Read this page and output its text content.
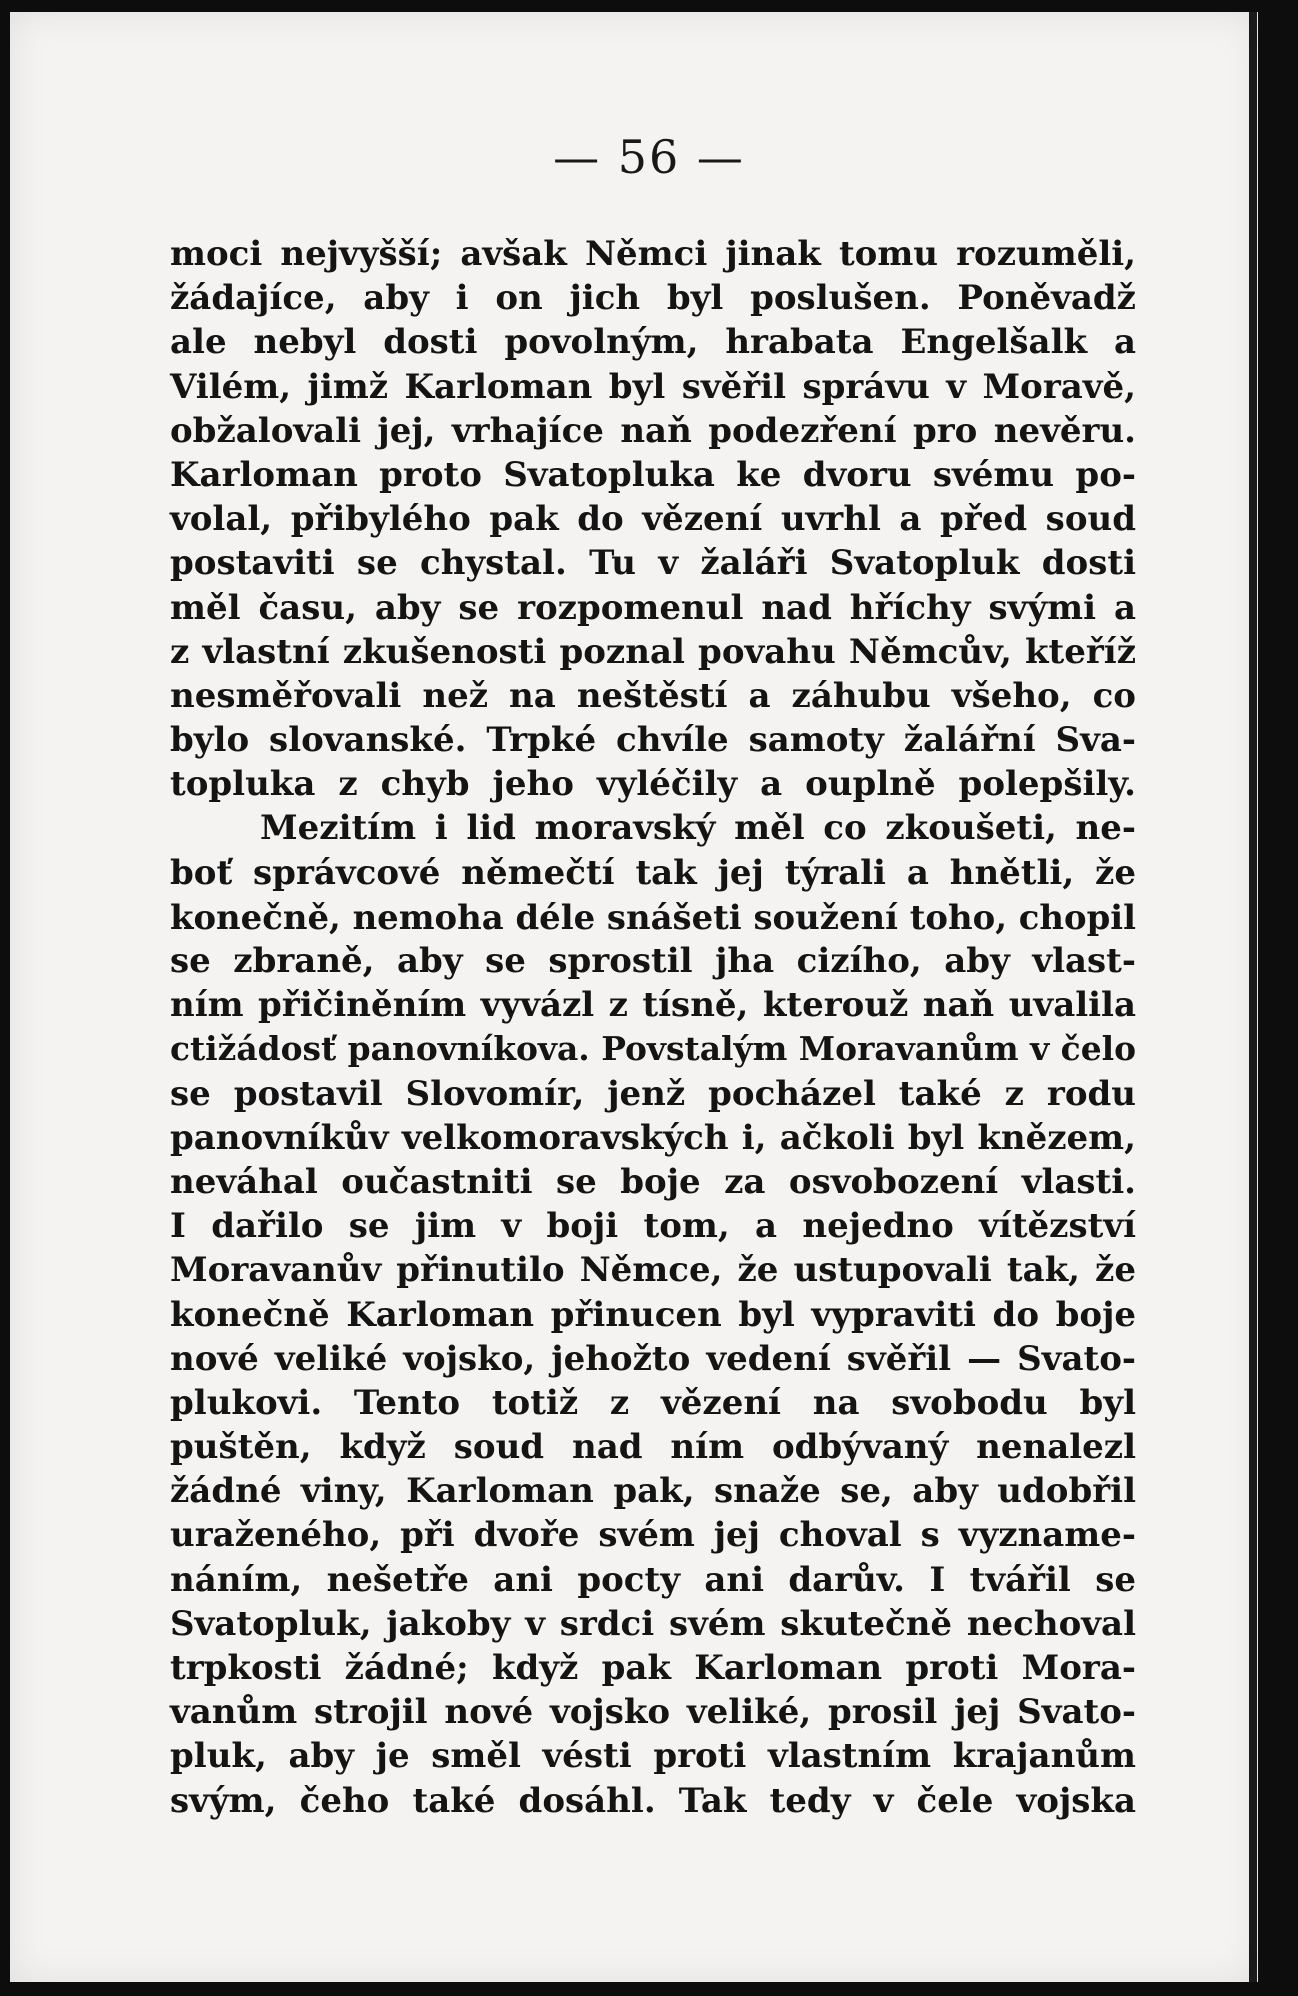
— 56 —
moci nejvyšší; avšak Němci jinak tomu rozuměli,
žádajíce, aby i on jich byl poslušen. Poněvadž
ale nebyl dosti povolným, hrabata Engelšalk a
Vilém, jimž Karloman byl svěřil správu v Moravě,
obžalovali jej, vrhajíce naň podezření pro nevěru.
Karloman proto Svatopluka ke dvoru svému po-
volal, přibylého pak do vězení uvrhl a před soud
postaviti se chystal. Tu v žaláři Svatopluk dosti
měl času, aby se rozpomenul nad hříchy svými a
z vlastní zkušenosti poznal povahu Němcův, kteříž
nesměřovali než na neštěstí a záhubu všeho, co
bylo slovanské. Trpké chvíle samoty žalářní Sva-
topluka z chyb jeho vyléčily a ouplně polepšily.
Mezitím i lid moravský měl co zkoušeti, ne-
boť správcové němečtí tak jej týrali a hnětli, že
konečně, nemoha déle snášeti soužení toho, chopil
se zbraně, aby se sprostil jha cizího, aby vlast-
ním přičiněním vyvázl z tísně, kterouž naň uvalila
ctižádosť panovníkova. Povstalým Moravanům v čelo
se postavil Slovomír, jenž pocházel také z rodu
panovníkův velkomoravských i, ačkoli byl knězem,
neváhal oučastniti se boje za osvobození vlasti.
I dařilo se jim v boji tom, a nejedno vítězství
Moravanův přinutilo Němce, že ustupovali tak, že
konečně Karloman přinucen byl vypraviti do boje
nové veliké vojsko, jehožto vedení svěřil — Svato-
plukovi. Tento totiž z vězení na svobodu byl
puštěn, když soud nad ním odbývaný nenalezl
žádné viny, Karloman pak, snaže se, aby udobřil
uraženého, při dvoře svém jej choval s vyzname-
náním, nešetře ani pocty ani darův. I tvářil se
Svatopluk, jakoby v srdci svém skutečně nechoval
trpkosti žádné; když pak Karloman proti Mora-
vanům strojil nové vojsko veliké, prosil jej Svato-
pluk, aby je směl vésti proti vlastním krajanům
svým, čeho také dosáhl. Tak tedy v čele vojska
